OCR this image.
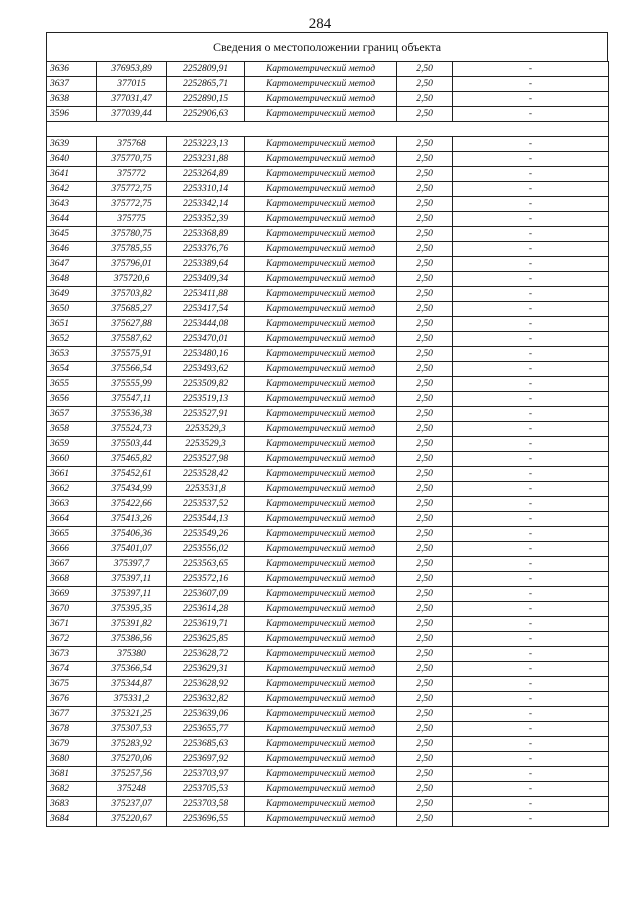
284
Сведения о местоположении границ объекта
3636	376953,89	2252809,91	Картометрический метод	2,50	-
3637	377015	2252865,71	Картометрический метод	2,50	-
3638	377031,47	2252890,15	Картометрический метод	2,50	-
3596	377039,44	2252906,63	Картометрический метод	2,50	-

3639	375768	2253223,13	Картометрический метод	2,50	-
3640	375770,75	2253231,88	Картометрический метод	2,50	-
3641	375772	2253264,89	Картометрический метод	2,50	-
3642	375772,75	2253310,14	Картометрический метод	2,50	-
3643	375772,75	2253342,14	Картометрический метод	2,50	-
3644	375775	2253352,39	Картометрический метод	2,50	-
3645	375780,75	2253368,89	Картометрический метод	2,50	-
3646	375785,55	2253376,76	Картометрический метод	2,50	-
3647	375796,01	2253389,64	Картометрический метод	2,50	-
3648	375720,6	2253409,34	Картометрический метод	2,50	-
3649	375703,82	2253411,88	Картометрический метод	2,50	-
3650	375685,27	2253417,54	Картометрический метод	2,50	-
3651	375627,88	2253444,08	Картометрический метод	2,50	-
3652	375587,62	2253470,01	Картометрический метод	2,50	-
3653	375575,91	2253480,16	Картометрический метод	2,50	-
3654	375566,54	2253493,62	Картометрический метод	2,50	-
3655	375555,99	2253509,82	Картометрический метод	2,50	-
3656	375547,11	2253519,13	Картометрический метод	2,50	-
3657	375536,38	2253527,91	Картометрический метод	2,50	-
3658	375524,73	2253529,3	Картометрический метод	2,50	-
3659	375503,44	2253529,3	Картометрический метод	2,50	-
3660	375465,82	2253527,98	Картометрический метод	2,50	-
3661	375452,61	2253528,42	Картометрический метод	2,50	-
3662	375434,99	2253531,8	Картометрический метод	2,50	-
3663	375422,66	2253537,52	Картометрический метод	2,50	-
3664	375413,26	2253544,13	Картометрический метод	2,50	-
3665	375406,36	2253549,26	Картометрический метод	2,50	-
3666	375401,07	2253556,02	Картометрический метод	2,50	-
3667	375397,7	2253563,65	Картометрический метод	2,50	-
3668	375397,11	2253572,16	Картометрический метод	2,50	-
3669	375397,11	2253607,09	Картометрический метод	2,50	-
3670	375395,35	2253614,28	Картометрический метод	2,50	-
3671	375391,82	2253619,71	Картометрический метод	2,50	-
3672	375386,56	2253625,85	Картометрический метод	2,50	-
3673	375380	2253628,72	Картометрический метод	2,50	-
3674	375366,54	2253629,31	Картометрический метод	2,50	-
3675	375344,87	2253628,92	Картометрический метод	2,50	-
3676	375331,2	2253632,82	Картометрический метод	2,50	-
3677	375321,25	2253639,06	Картометрический метод	2,50	-
3678	375307,53	2253655,77	Картометрический метод	2,50	-
3679	375283,92	2253685,63	Картометрический метод	2,50	-
3680	375270,06	2253697,92	Картометрический метод	2,50	-
3681	375257,56	2253703,97	Картометрический метод	2,50	-
3682	375248	2253705,53	Картометрический метод	2,50	-
3683	375237,07	2253703,58	Картометрический метод	2,50	-
3684	375220,67	2253696,55	Картометрический метод	2,50	-
